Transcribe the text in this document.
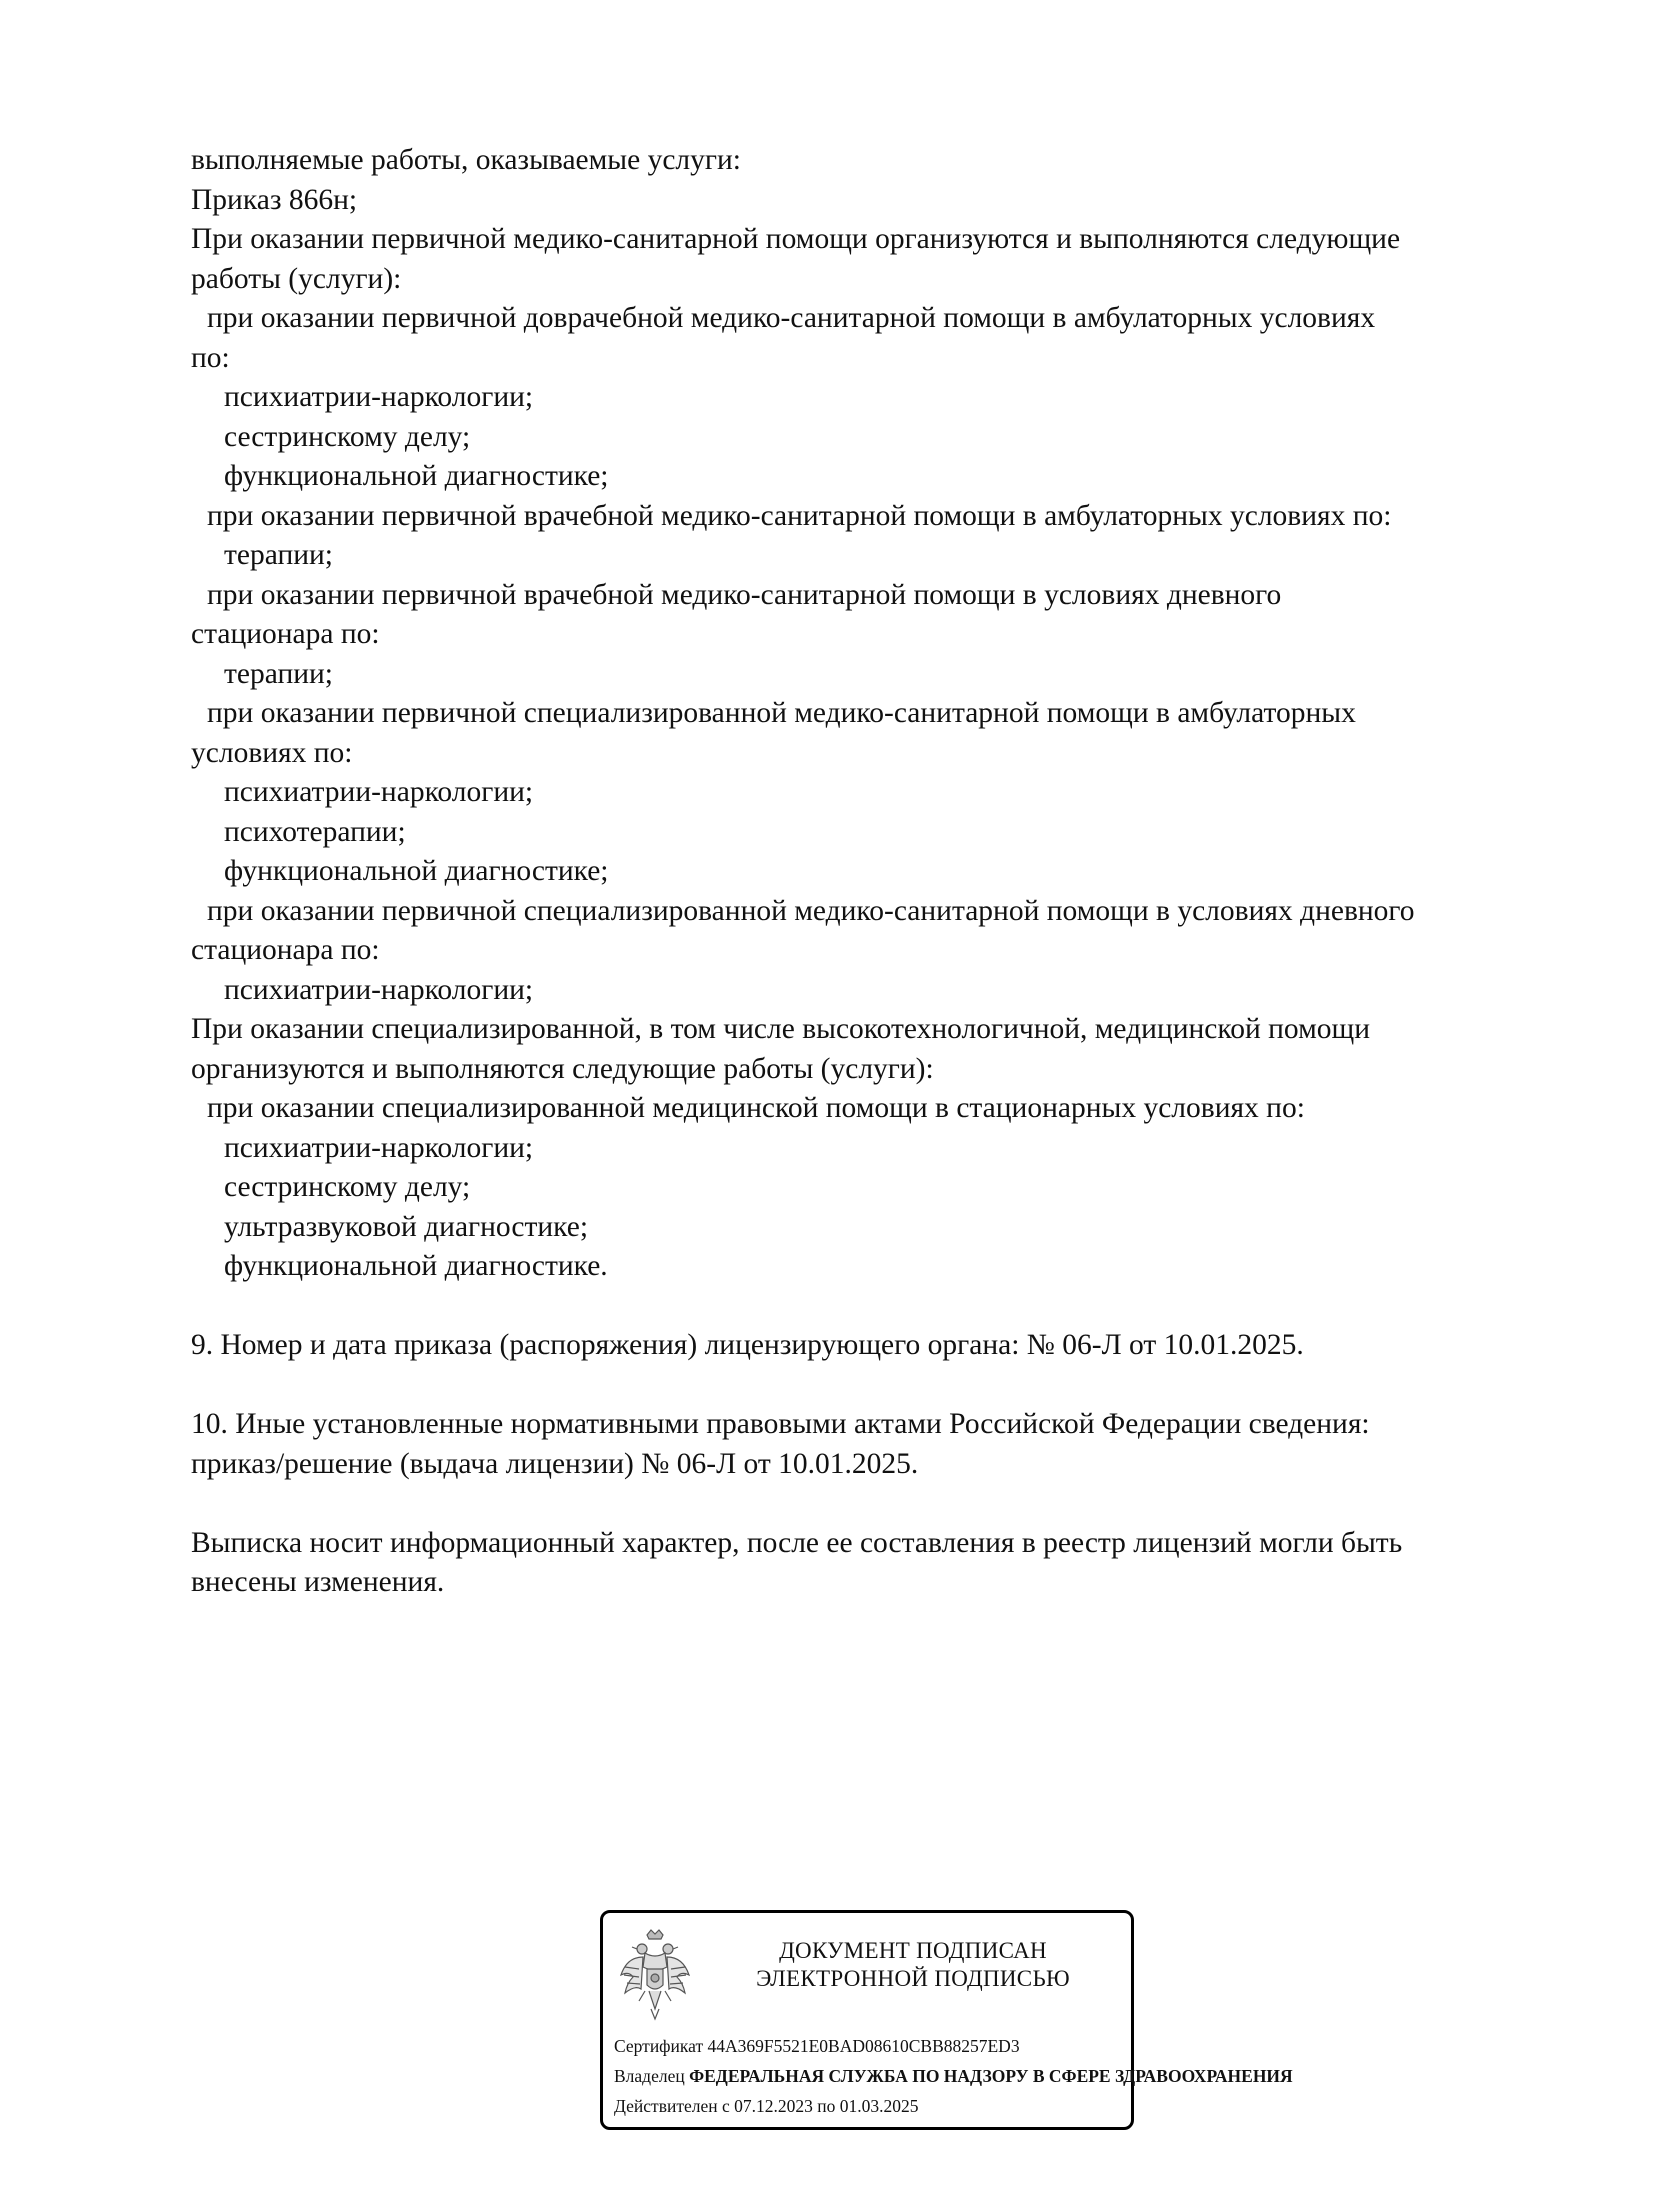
выполняемые работы, оказываемые услуги:
Приказ 866н;
При оказании первичной медико-санитарной помощи организуются и выполняются следующие
работы (услуги):
при оказании первичной доврачебной медико-санитарной помощи в амбулаторных условиях
по:
психиатрии-наркологии;
сестринскому делу;
функциональной диагностике;
при оказании первичной врачебной медико-санитарной помощи в амбулаторных условиях по:
терапии;
при оказании первичной врачебной медико-санитарной помощи в условиях дневного
стационара по:
терапии;
при оказании первичной специализированной медико-санитарной помощи в амбулаторных
условиях по:
психиатрии-наркологии;
психотерапии;
функциональной диагностике;
при оказании первичной специализированной медико-санитарной помощи в условиях дневного
стационара по:
психиатрии-наркологии;
При оказании специализированной, в том числе высокотехнологичной, медицинской помощи
организуются и выполняются следующие работы (услуги):
при оказании специализированной медицинской помощи в стационарных условиях по:
психиатрии-наркологии;
сестринскому делу;
ультразвуковой диагностике;
функциональной диагностике.
9. Номер и дата приказа (распоряжения) лицензирующего органа: № 06-Л от 10.01.2025.
10. Иные установленные нормативными правовыми актами Российской Федерации сведения:
приказ/решение (выдача лицензии) № 06-Л от 10.01.2025.
Выписка носит информационный характер, после ее составления в реестр лицензий могли быть
внесены изменения.
ДОКУМЕНТ ПОДПИСАН
ЭЛЕКТРОННОЙ ПОДПИСЬЮ
Сертификат 44A369F5521E0BAD08610CBB88257ED3
Владелец ФЕДЕРАЛЬНАЯ СЛУЖБА ПО НАДЗОРУ В СФЕРЕ ЗДРАВООХРАНЕНИЯ
Действителен с 07.12.2023 по 01.03.2025
